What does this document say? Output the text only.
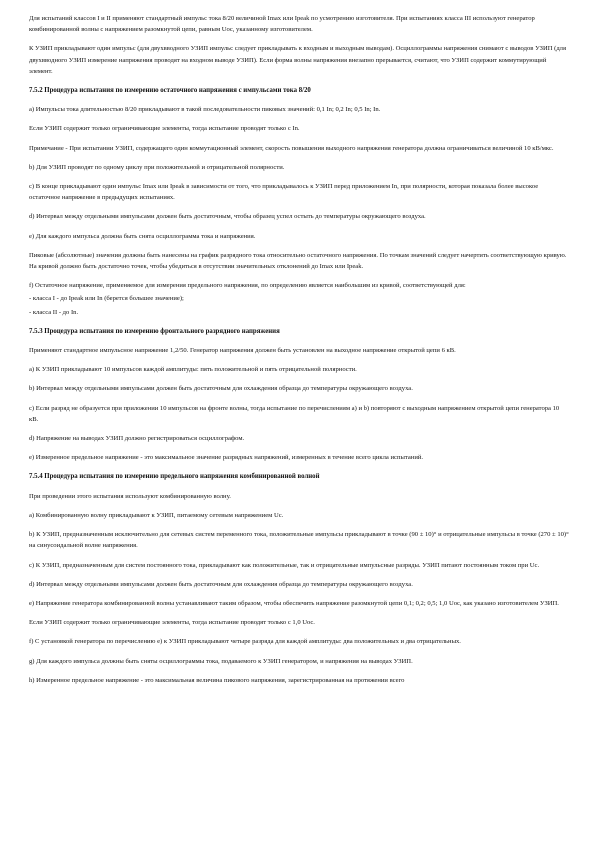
Для испытаний классов I и II применяют стандартный импульс тока 8/20 величиной Imax или Ipeak по усмотрению изготовителя. При испытаниях класса III используют генератор комбинированной волны с напряжением разомкнутой цепи, равным Uoc, указанному изготовителем.

К УЗИП прикладывают один импульс (для двухвводного УЗИП импульс следует прикладывать к входным и выходным выводам). Осциллограммы напряжения снимают с выводов УЗИП (для двухвводного УЗИП измерение напряжения проводят на входном выводе УЗИП). Если форма волны напряжения внезапно прерывается, считают, что УЗИП содержит коммутирующий элемент.

7.5.2 Процедура испытания по измерению остаточного напряжения с импульсами тока 8/20

a) Импульсы тока длительностью 8/20 прикладывают в такой последовательности пиковых значений: 0,1 In; 0,2 In; 0,5 In; In.

Если УЗИП содержит только ограничивающие элементы, тогда испытание проводят только с In.

Примечание - При испытании УЗИП, содержащего один коммутационный элемент, скорость повышения выходного напряжения генератора должна ограничиваться величиной 10 кВ/мкс.

b) Для УЗИП проводят по одному циклу при положительной и отрицательной полярности.

c) В конце прикладывают один импульс Imax или Ipeak в зависимости от того, что прикладывалось к УЗИП перед приложением In, при полярности, которая показала более высокое остаточное напряжение в предыдущих испытаниях.

d) Интервал между отдельными импульсами должен быть достаточным, чтобы образец успел остыть до температуры окружающего воздуха.

e) Для каждого импульса должна быть снята осциллограмма тока и напряжения.

Пиковые (абсолютные) значения должны быть нанесены на график разрядного тока относительно остаточного напряжения. По точкам значений следует начертить соответствующую кривую. На кривой должно быть достаточно точек, чтобы убедиться в отсутствии значительных отклонений до Imax или Ipeak.

f) Остаточное напряжение, применяемое для измерения предельного напряжения, по определению является наибольшим из кривой, соответствующей для:

- класса I - до Ipeak или In (берется большее значение);

- класса II - до In.

7.5.3 Процедура испытания по измерению фронтального разрядного напряжения

Применяют стандартное импульсное напряжение 1,2/50. Генератор напряжения должен быть установлен на выходное напряжение открытой цепи 6 кВ.

a) К УЗИП прикладывают 10 импульсов каждой амплитуды: пять положительной и пять отрицательной полярности.

b) Интервал между отдельными импульсами должен быть достаточным для охлаждения образца до температуры окружающего воздуха.

c) Если разряд не образуется при приложении 10 импульсов на фронте волны, тогда испытание по перечислениям a) и b) повторяют с выходным напряжением открытой цепи генератора 10 кВ.

d) Напряжение на выводах УЗИП должно регистрироваться осциллографом.

e) Измеренное предельное напряжение - это максимальное значение разрядных напряжений, измеренных в течение всего цикла испытаний.

7.5.4 Процедура испытания по измерению предельного напряжения комбинированной волной

При проведении этого испытания используют комбинированную волну.

a) Комбинированную волну прикладывают к УЗИП, питаемому сетевым напряжением Uc.

b) К УЗИП, предназначенным исключительно для сетевых систем переменного тока, положительные импульсы прикладывают в точке (90 ± 10)° и отрицательные импульсы в точке (270 ± 10)° на синусоидальной волне напряжения.

c) К УЗИП, предназначенным для систем постоянного тока, прикладывают как положительные, так и отрицательные импульсные разряды. УЗИП питают постоянным током при Uc.

d) Интервал между отдельными импульсами должен быть достаточным для охлаждения образца до температуры окружающего воздуха.

e) Напряжение генератора комбинированной волны устанавливают таким образом, чтобы обеспечить напряжение разомкнутой цепи 0,1; 0,2; 0,5; 1,0 Uoc, как указано изготовителем УЗИП.

Если УЗИП содержит только ограничивающие элементы, тогда испытание проводят только с 1,0 Uoc.

f) С установкой генератора по перечислению e) к УЗИП прикладывают четыре разряда для каждой амплитуды: два положительных и два отрицательных.

g) Для каждого импульса должны быть сняты осциллограммы тока, подаваемого к УЗИП генератором, и напряжения на выводах УЗИП.

h) Измеренное предельное напряжение - это максимальная величина пикового напряжения, зарегистрированная на протяжении всего
